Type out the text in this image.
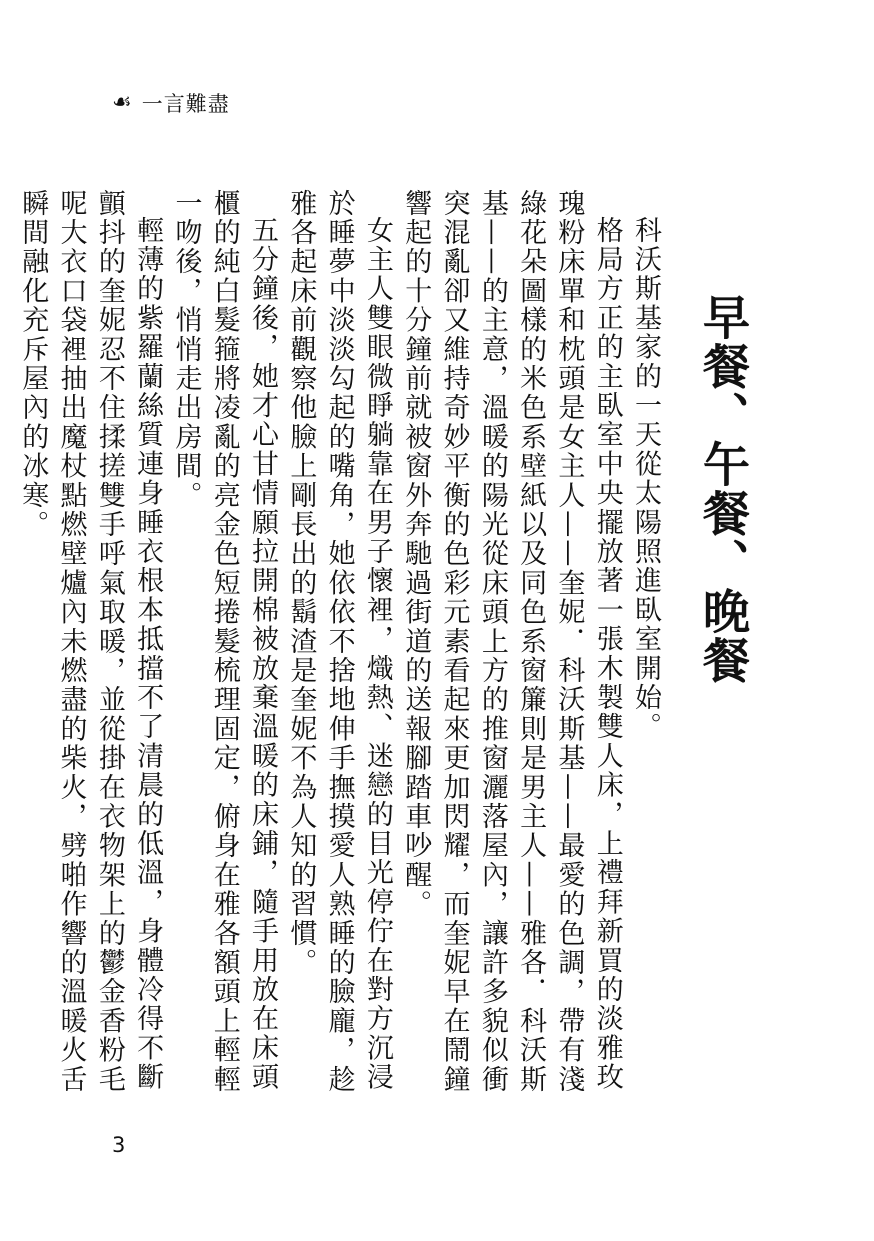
☙ 一言難盡
早餐、午餐、晚餐

科沃斯基家的一天從太陽照進臥室開始。

格局方正的主臥室中央擺放著一張木製雙人床，上禮拜新買的淡雅玫瑰粉床單和枕頭是女主人——奎妮．科沃斯基——最愛的色調，帶有淺綠花朵圖樣的米色系壁紙以及同色系窗簾則是男主人——雅各．科沃斯基——的主意，溫暖的陽光從床頭上方的推窗灑落屋內，讓許多貌似衝突混亂卻又維持奇妙平衡的色彩元素看起來更加閃耀，而奎妮早在鬧鐘響起的十分鐘前就被窗外奔馳過街道的送報腳踏車吵醒。

女主人雙眼微睜躺靠在男子懷裡，熾熱、迷戀的目光停佇在對方沉浸於睡夢中淡淡勾起的嘴角，她依依不捨地伸手撫摸愛人熟睡的臉龐，趁雅各起床前觀察他臉上剛長出的鬍渣是奎妮不為人知的習慣。

五分鐘後，她才心甘情願拉開棉被放棄溫暖的床鋪，隨手用放在床頭櫃的純白髮箍將凌亂的亮金色短捲髮梳理固定，俯身在雅各額頭上輕輕一吻後，悄悄走出房間。

輕薄的紫羅蘭絲質連身睡衣根本抵擋不了清晨的低溫，身體冷得不斷顫抖的奎妮忍不住揉搓雙手呼氣取暖，並從掛在衣物架上的鬱金香粉毛呢大衣口袋裡抽出魔杖點燃壁爐內未燃盡的柴火，劈啪作響的溫暖火舌瞬間融化充斥屋內的冰寒。

3
